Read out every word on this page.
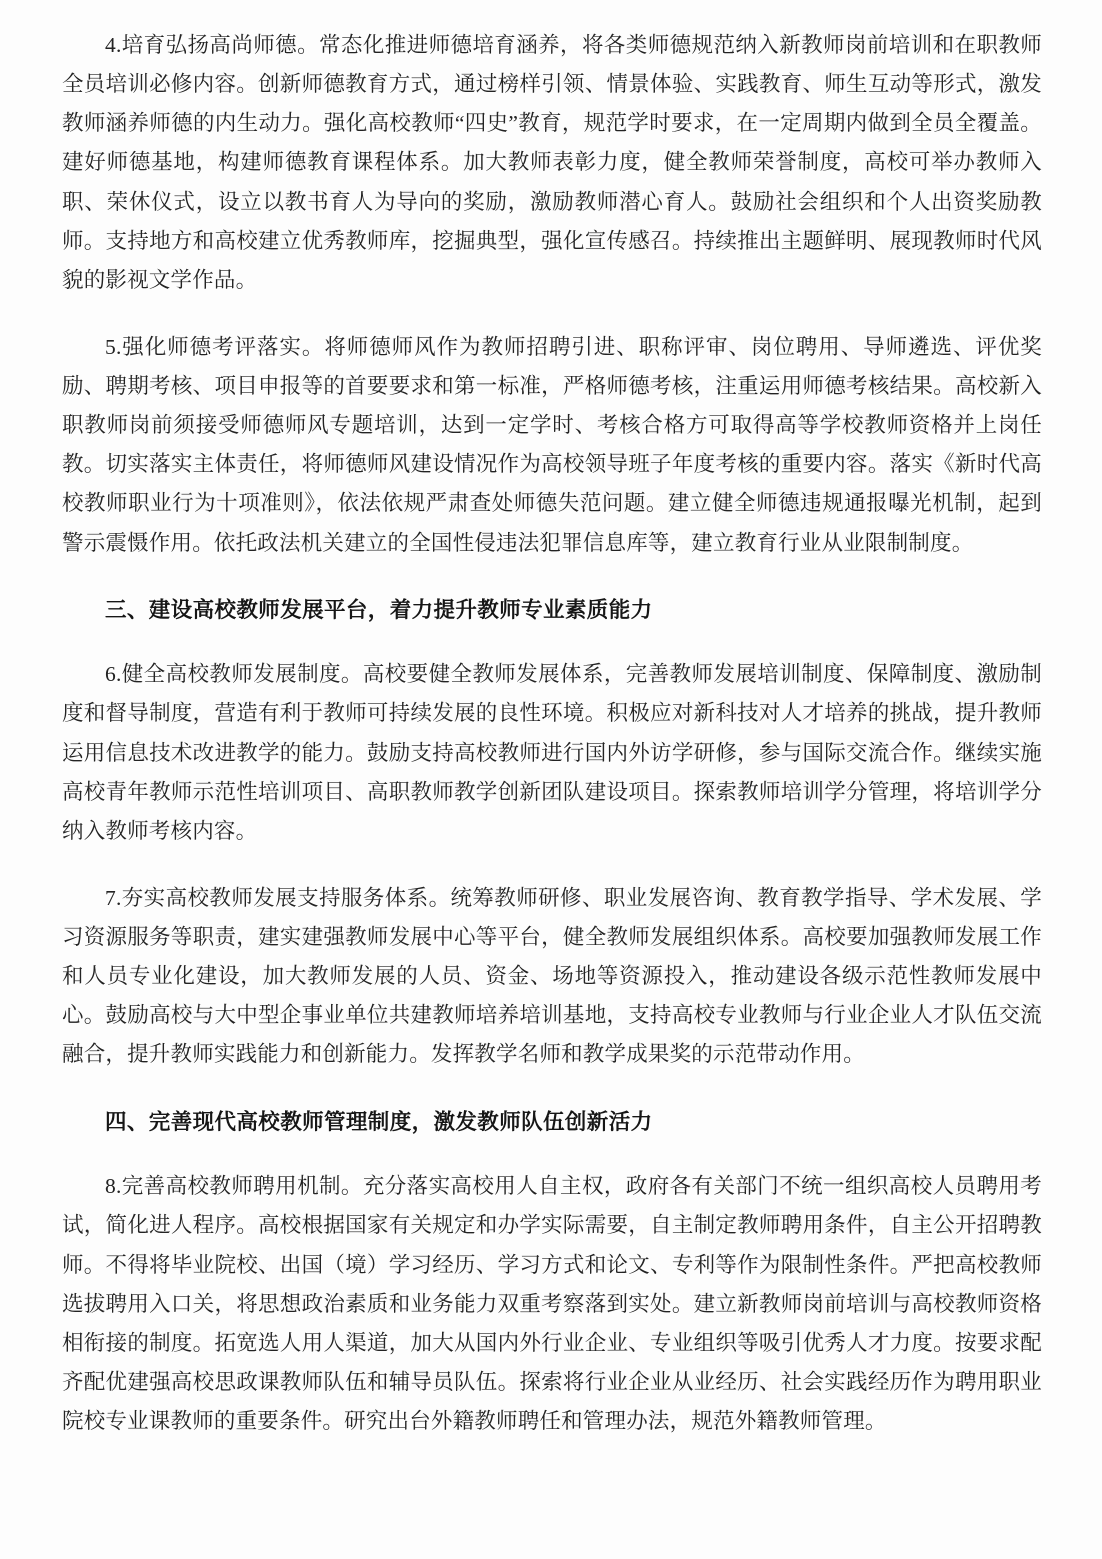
4.培育弘扬高尚师德。常态化推进师德培育涵养，将各类师德规范纳入新教师岗前培训和在职教师全员培训必修内容。创新师德教育方式，通过榜样引领、情景体验、实践教育、师生互动等形式，激发教师涵养师德的内生动力。强化高校教师“四史”教育，规范学时要求，在一定周期内做到全员全覆盖。建好师德基地，构建师德教育课程体系。加大教师表彰力度，健全教师荣誉制度，高校可举办教师入职、荣休仪式，设立以教书育人为导向的奖励，激励教师潜心育人。鼓励社会组织和个人出资奖励教师。支持地方和高校建立优秀教师库，挖掘典型，强化宣传感召。持续推出主题鲜明、展现教师时代风貌的影视文学作品。

5.强化师德考评落实。将师德师风作为教师招聘引进、职称评审、岗位聘用、导师遴选、评优奖励、聘期考核、项目申报等的首要要求和第一标准，严格师德考核，注重运用师德考核结果。高校新入职教师岗前须接受师德师风专题培训，达到一定学时、考核合格方可取得高等学校教师资格并上岗任教。切实落实主体责任，将师德师风建设情况作为高校领导班子年度考核的重要内容。落实《新时代高校教师职业行为十项准则》，依法依规严肃查处师德失范问题。建立健全师德违规通报曝光机制，起到警示震慑作用。依托政法机关建立的全国性侵违法犯罪信息库等，建立教育行业从业限制制度。

三、建设高校教师发展平台，着力提升教师专业素质能力

6.健全高校教师发展制度。高校要健全教师发展体系，完善教师发展培训制度、保障制度、激励制度和督导制度，营造有利于教师可持续发展的良性环境。积极应对新科技对人才培养的挑战，提升教师运用信息技术改进教学的能力。鼓励支持高校教师进行国内外访学研修，参与国际交流合作。继续实施高校青年教师示范性培训项目、高职教师教学创新团队建设项目。探索教师培训学分管理，将培训学分纳入教师考核内容。

7.夯实高校教师发展支持服务体系。统筹教师研修、职业发展咨询、教育教学指导、学术发展、学习资源服务等职责，建实建强教师发展中心等平台，健全教师发展组织体系。高校要加强教师发展工作和人员专业化建设，加大教师发展的人员、资金、场地等资源投入，推动建设各级示范性教师发展中心。鼓励高校与大中型企事业单位共建教师培养培训基地，支持高校专业教师与行业企业人才队伍交流融合，提升教师实践能力和创新能力。发挥教学名师和教学成果奖的示范带动作用。

四、完善现代高校教师管理制度，激发教师队伍创新活力

8.完善高校教师聘用机制。充分落实高校用人自主权，政府各有关部门不统一组织高校人员聘用考试，简化进人程序。高校根据国家有关规定和办学实际需要，自主制定教师聘用条件，自主公开招聘教师。不得将毕业院校、出国（境）学习经历、学习方式和论文、专利等作为限制性条件。严把高校教师选拔聘用入口关，将思想政治素质和业务能力双重考察落到实处。建立新教师岗前培训与高校教师资格相衔接的制度。拓宽选人用人渠道，加大从国内外行业企业、专业组织等吸引优秀人才力度。按要求配齐配优建强高校思政课教师队伍和辅导员队伍。探索将行业企业从业经历、社会实践经历作为聘用职业院校专业课教师的重要条件。研究出台外籍教师聘任和管理办法，规范外籍教师管理。
